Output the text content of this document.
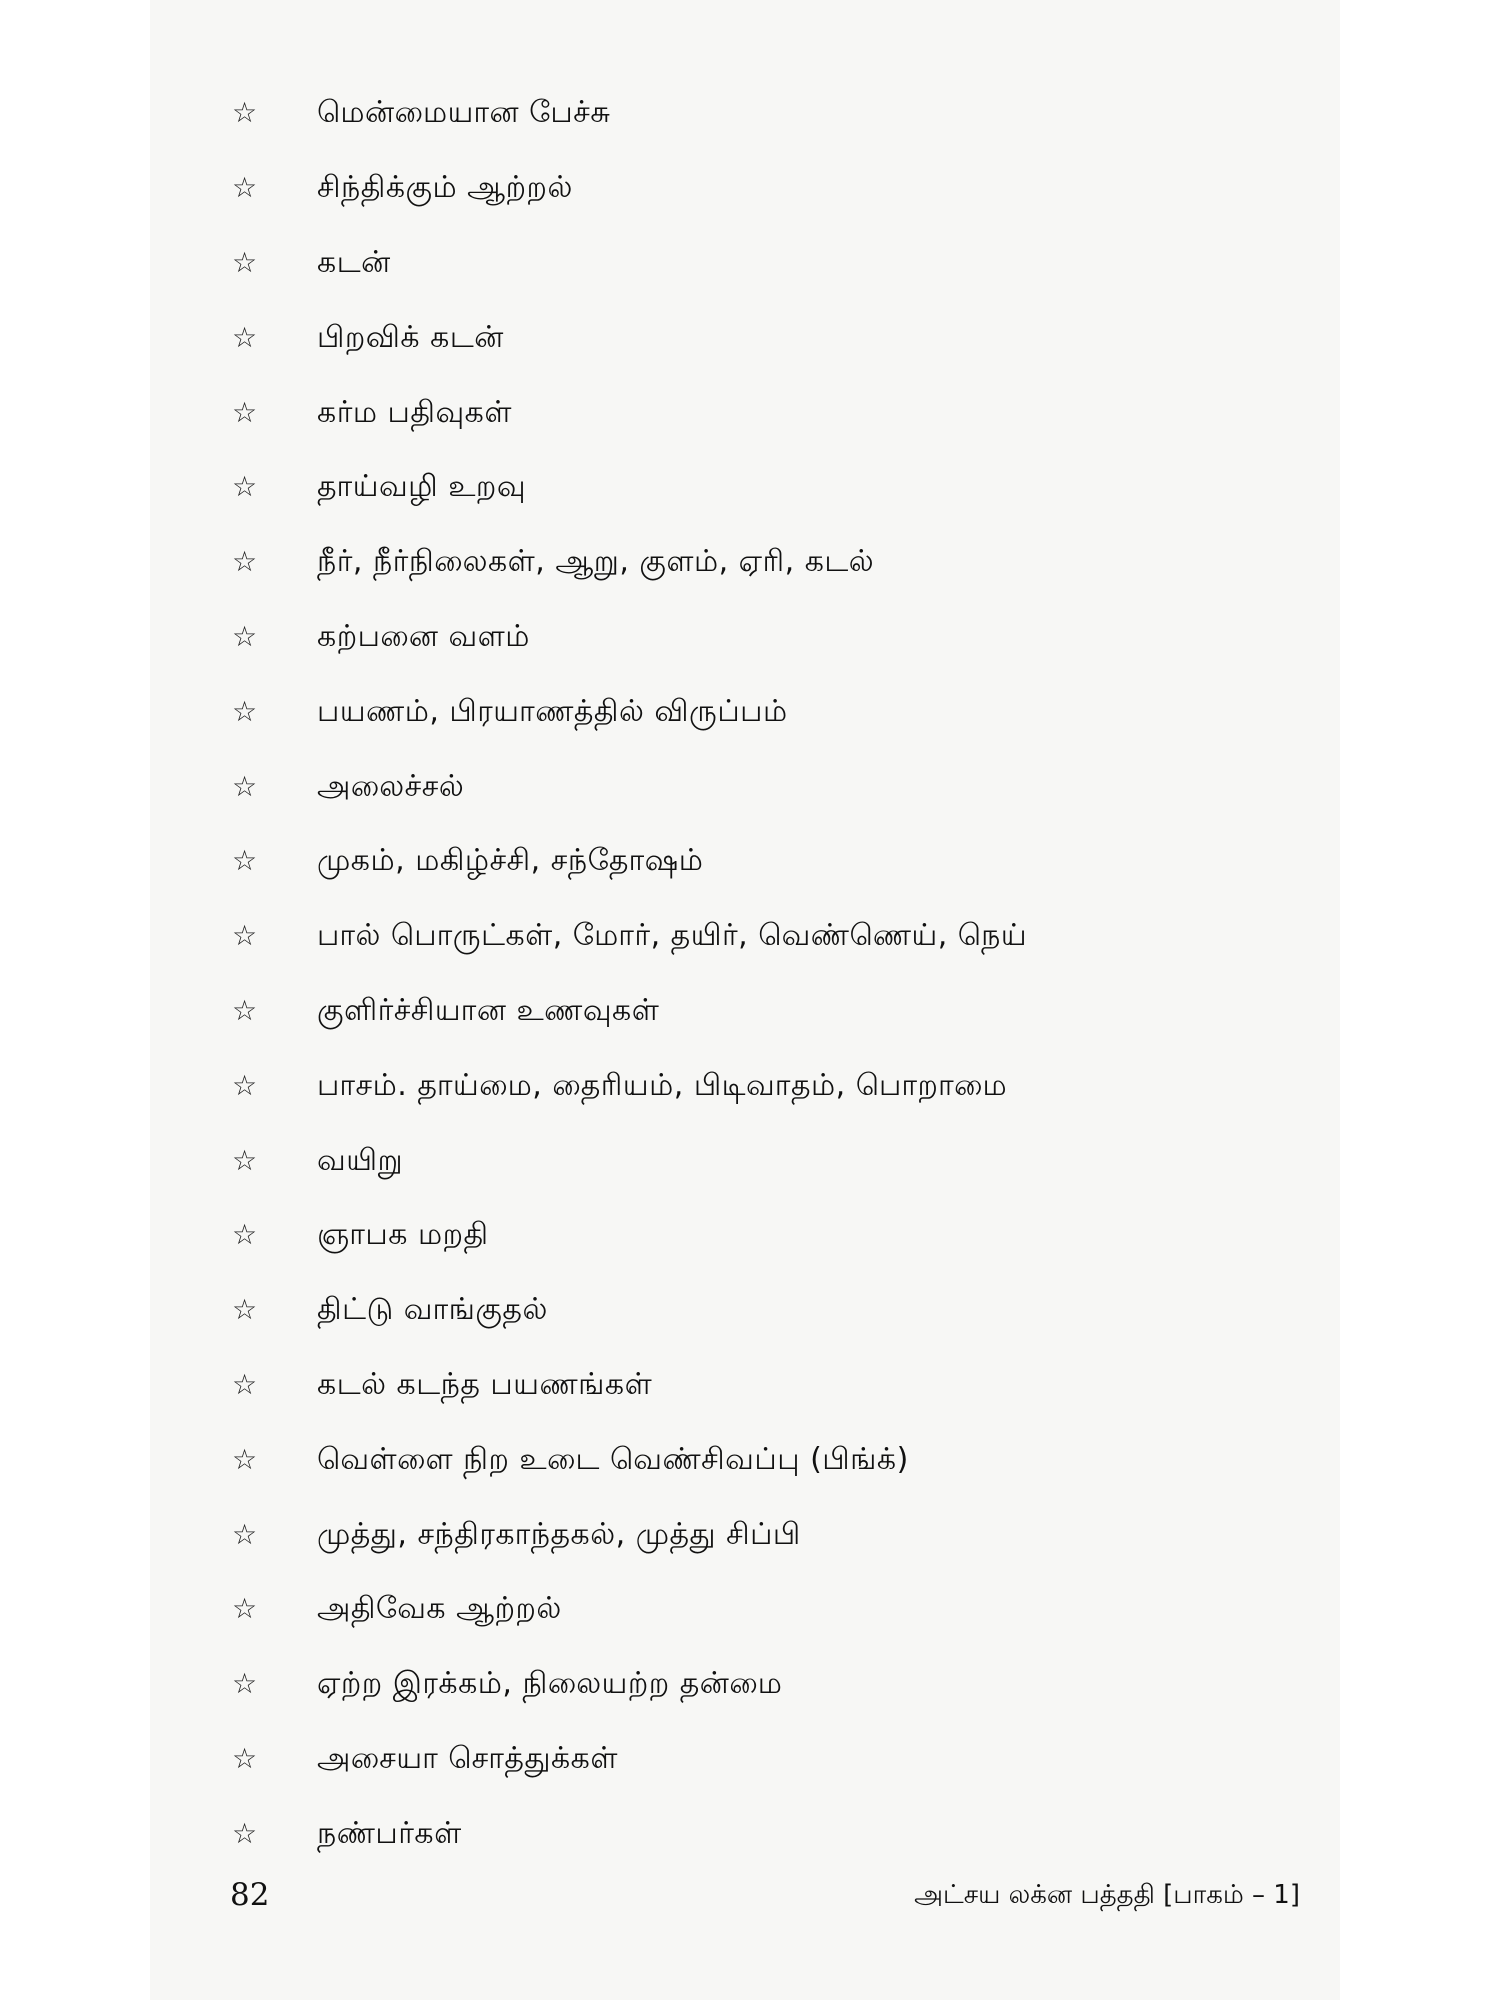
☆	மென்மையான பேச்சு
☆	சிந்திக்கும் ஆற்றல்
☆	கடன்
☆	பிறவிக் கடன்
☆	கர்ம பதிவுகள்
☆	தாய்வழி உறவு
☆	நீர், நீர்நிலைகள், ஆறு, குளம், ஏரி, கடல்
☆	கற்பனை வளம்
☆	பயணம், பிரயாணத்தில் விருப்பம்
☆	அலைச்சல்
☆	முகம், மகிழ்ச்சி, சந்தோஷம்
☆	பால் பொருட்கள், மோர், தயிர், வெண்ணெய், நெய்
☆	குளிர்ச்சியான உணவுகள்
☆	பாசம். தாய்மை, தைரியம், பிடிவாதம், பொறாமை
☆	வயிறு
☆	ஞாபக மறதி
☆	திட்டு வாங்குதல்
☆	கடல் கடந்த பயணங்கள்
☆	வெள்ளை நிற உடை வெண்சிவப்பு (பிங்க்)
☆	முத்து, சந்திரகாந்தகல், முத்து சிப்பி
☆	அதிவேக ஆற்றல்
☆	ஏற்ற இரக்கம், நிலையற்ற தன்மை
☆	அசையா சொத்துக்கள்
☆	நண்பர்கள்
82	அட்சய லக்ன பத்ததி [பாகம் – 1]
